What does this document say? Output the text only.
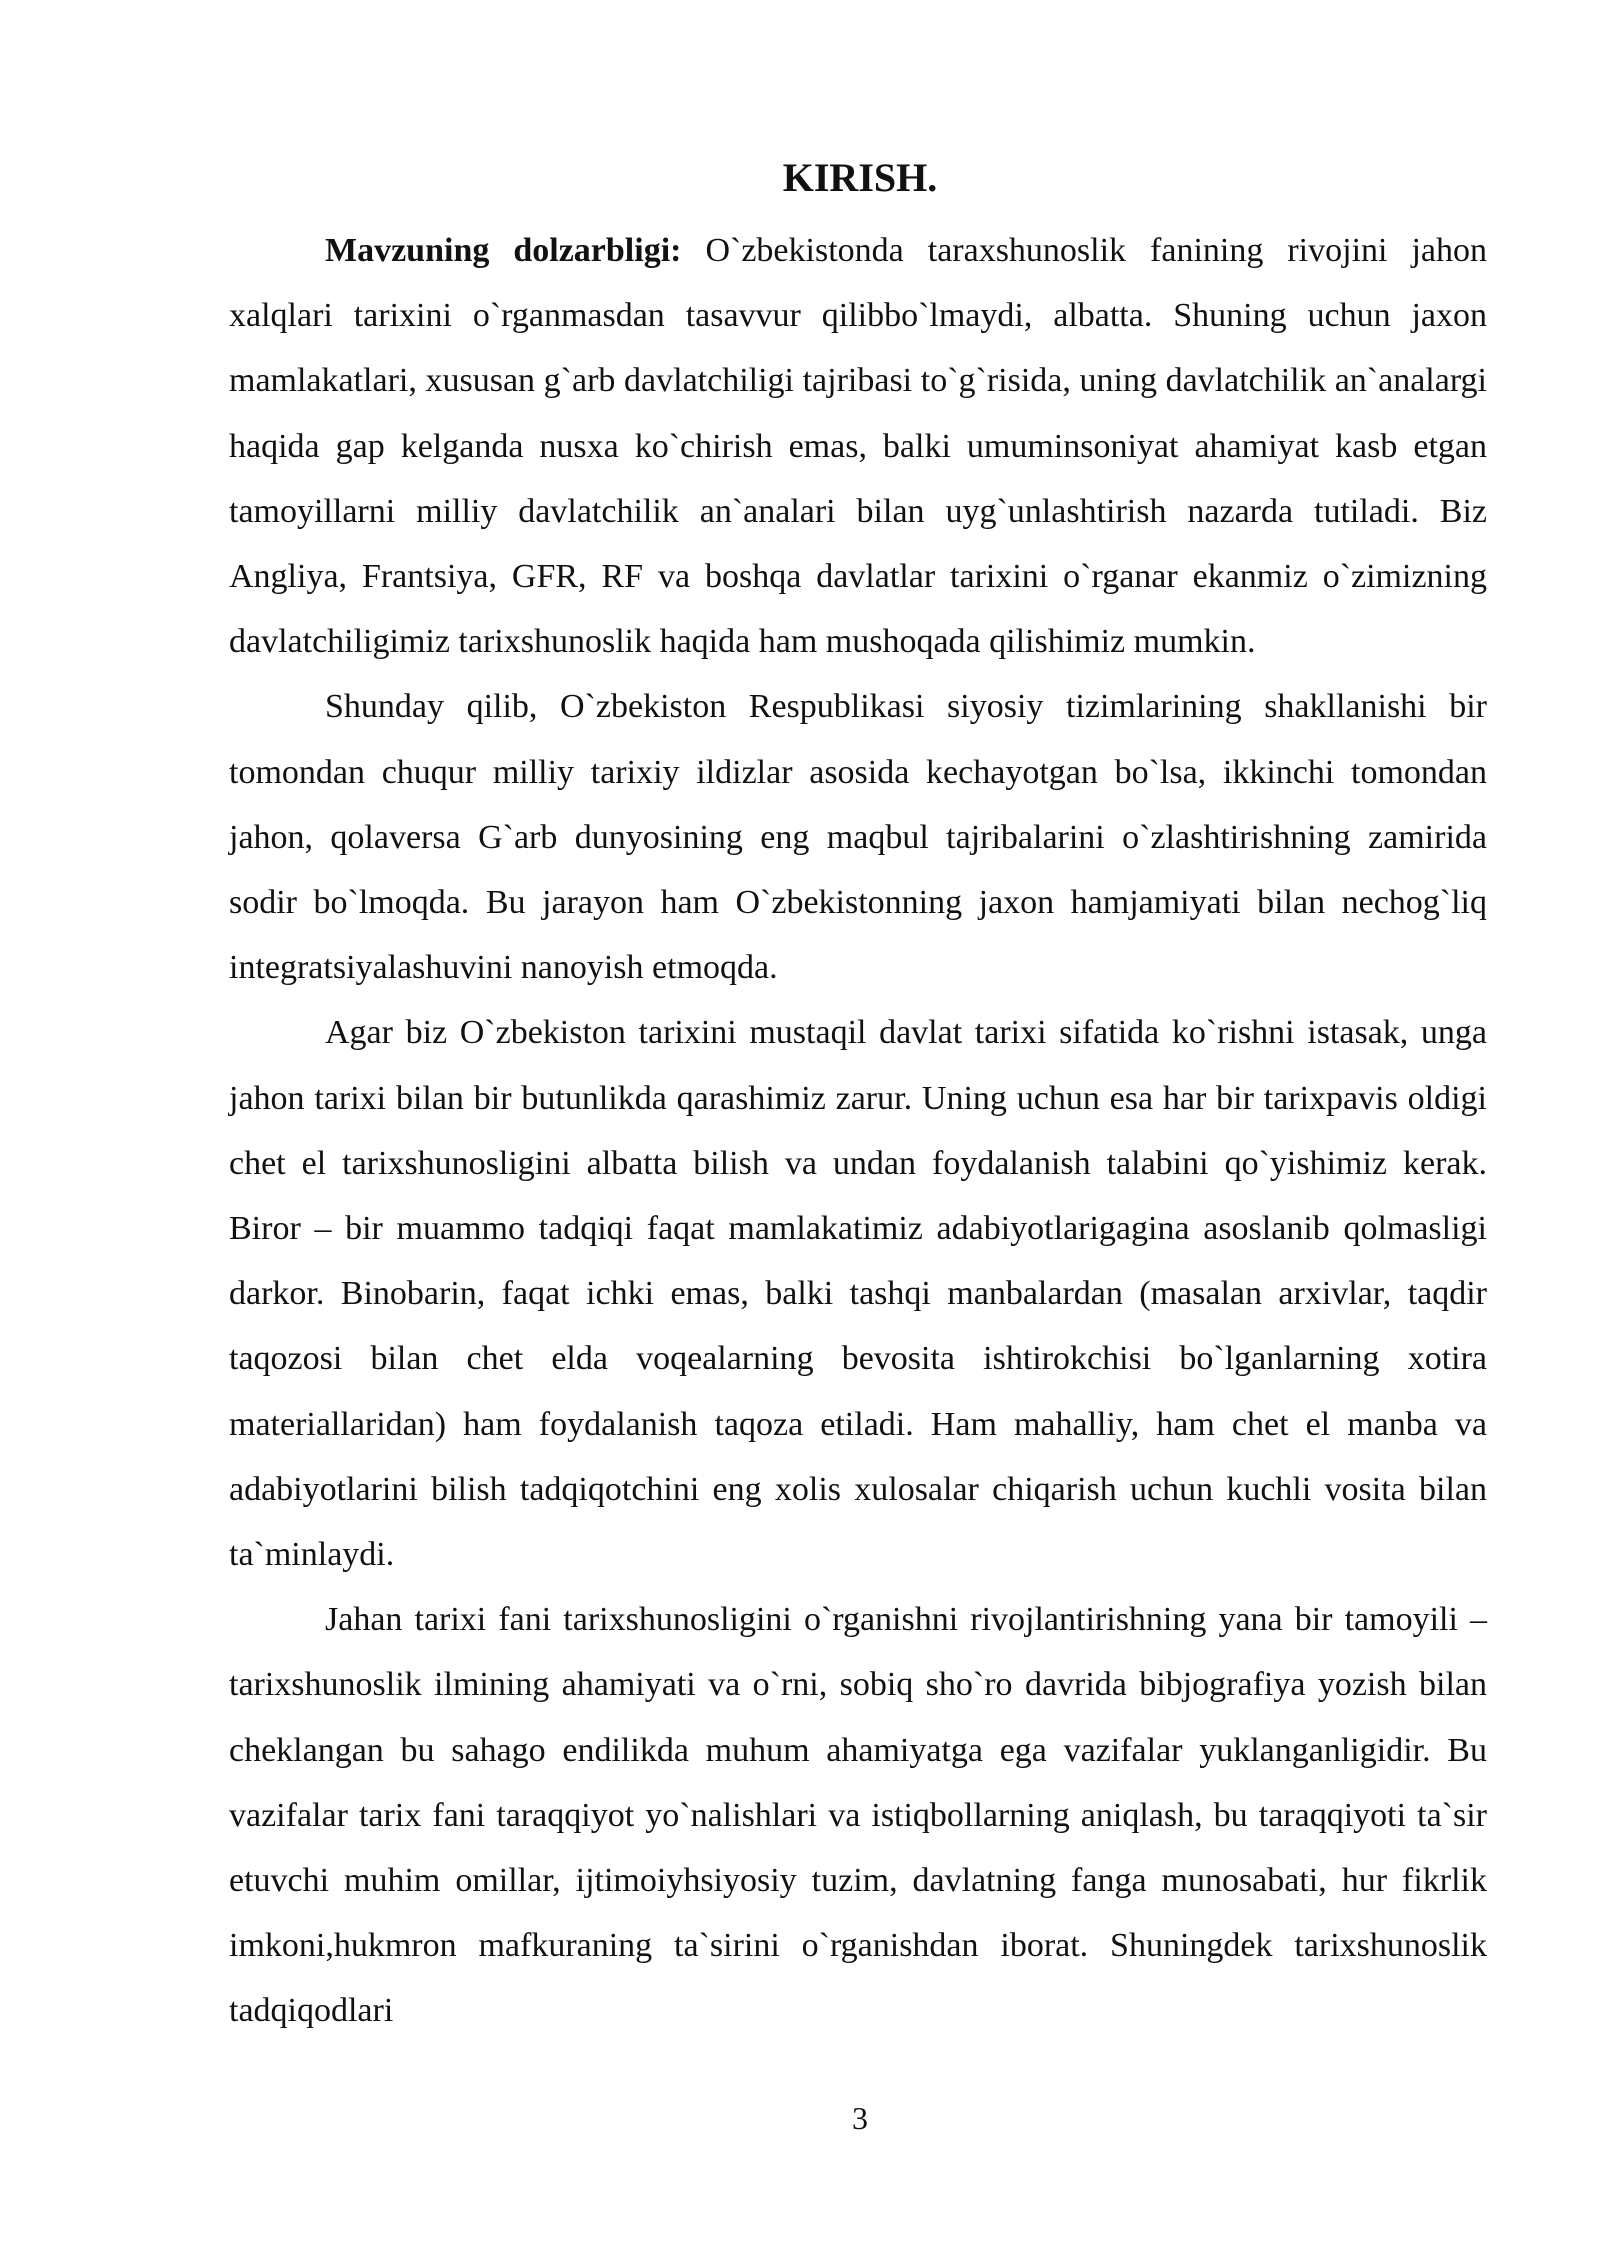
KIRISH.

Mavzuning dolzarbligi: O`zbekistonda taraxshunoslik fanining rivojini jahon xalqlari tarixini o`rganmasdan tasavvur qilibbo`lmaydi, albatta. Shuning uchun jaxon mamlakatlari, xususan g`arb davlatchiligi tajribasi to`g`risida, uning davlatchilik an`analargi haqida gap kelganda nusxa ko`chirish emas, balki umuminsoniyat ahamiyat kasb etgan tamoyillarni milliy davlatchilik an`analari bilan uyg`unlashtirish nazarda tutiladi. Biz Angliya, Frantsiya, GFR, RF va boshqa davlatlar tarixini o`rganar ekanmiz o`zimizning davlatchiligimiz tarixshunoslik haqida ham mushoqada qilishimiz mumkin.

Shunday qilib, O`zbekiston Respublikasi siyosiy tizimlarining shakllanishi bir tomondan chuqur milliy tarixiy ildizlar asosida kechayotgan bo`lsa, ikkinchi tomondan jahon, qolaversa G`arb dunyosining eng maqbul tajribalarini o`zlashtirishning zamirida sodir bo`lmoqda. Bu jarayon ham O`zbekistonning jaxon hamjamiyati bilan nechog`liq integratsiyalashuvini nanoyish etmoqda.

Agar biz O`zbekiston tarixini mustaqil davlat tarixi sifatida ko`rishni istasak, unga jahon tarixi bilan bir butunlikda qarashimiz zarur. Uning uchun esa har bir tarixpavis oldigi chet el tarixshunosligini albatta bilish va undan foydalanish talabini qo`yishimiz kerak. Biror – bir muammo tadqiqi faqat mamlakatimiz adabiyotlarigagina asoslanib qolmasligi darkor. Binobarin, faqat ichki emas, balki tashqi manbalardan (masalan arxivlar, taqdir taqozosi bilan chet elda voqealarning bevosita ishtirokchisi bo`lganlarning xotira materiallaridan) ham foydalanish taqoza etiladi. Ham mahalliy, ham chet el manba va adabiyotlarini bilish tadqiqotchini eng xolis xulosalar chiqarish uchun kuchli vosita bilan ta`minlaydi.

Jahan tarixi fani tarixshunosligini o`rganishni rivojlantirishning yana bir tamoyili – tarixshunoslik ilmining ahamiyati va o`rni, sobiq sho`ro davrida bibjografiya yozish bilan cheklangan bu sahago endilikda muhum ahamiyatga ega vazifalar yuklanganligidir. Bu vazifalar tarix fani taraqqiyot yo`nalishlari va istiqbollarning aniqlash, bu taraqqiyoti ta`sir etuvchi muhim omillar, ijtimoiyhsiyosiy tuzim, davlatning fanga munosabati, hur fikrlik imkoni,hukmron mafkuraning ta`sirini o`rganishdan iborat. Shuningdek tarixshunoslik tadqiqodlari

3
